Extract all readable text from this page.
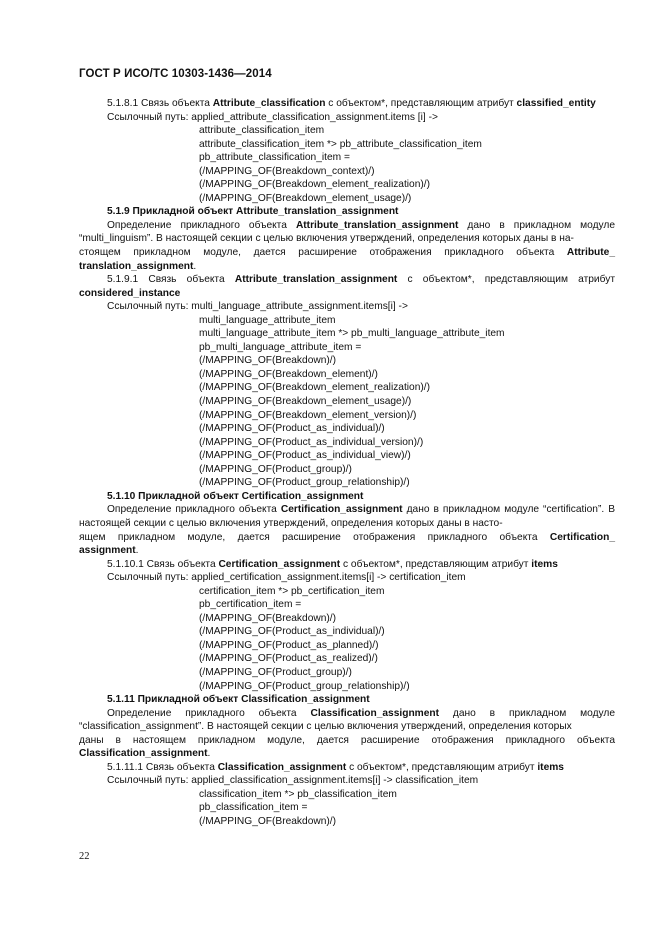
ГОСТ Р ИСО/ТС 10303-1436—2014
5.1.8.1 Связь объекта Attribute_classification с объектом*, представляющим атрибут classified_entity
Ссылочный путь: applied_attribute_classification_assignment.items [i] ->
attribute_classification_item
attribute_classification_item *> pb_attribute_classification_item
pb_attribute_classification_item =
(/MAPPING_OF(Breakdown_context)/)
(/MAPPING_OF(Breakdown_element_realization)/)
(/MAPPING_OF(Breakdown_element_usage)/)
5.1.9 Прикладной объект Attribute_translation_assignment
Определение прикладного объекта Attribute_translation_assignment дано в прикладном модуле “multi_linguism”. В настоящей секции с целью включения утверждений, определения которых даны в на-
стоящем прикладном модуле, дается расширение отображения прикладного объекта Attribute_
translation_assignment.
5.1.9.1 Связь объекта Attribute_translation_assignment с объектом*, представляющим атрибут considered_instance
Ссылочный путь: multi_language_attribute_assignment.items[i] ->
multi_language_attribute_item
multi_language_attribute_item *> pb_multi_language_attribute_item
pb_multi_language_attribute_item =
(/MAPPING_OF(Breakdown)/)
(/MAPPING_OF(Breakdown_element)/)
(/MAPPING_OF(Breakdown_element_realization)/)
(/MAPPING_OF(Breakdown_element_usage)/)
(/MAPPING_OF(Breakdown_element_version)/)
(/MAPPING_OF(Product_as_individual)/)
(/MAPPING_OF(Product_as_individual_version)/)
(/MAPPING_OF(Product_as_individual_view)/)
(/MAPPING_OF(Product_group)/)
(/MAPPING_OF(Product_group_relationship)/)
5.1.10 Прикладной объект Certification_assignment
Определение прикладного объекта Certification_assignment дано в прикладном модуле “certification”. В настоящей секции с целью включения утверждений, определения которых даны в насто-
ящем прикладном модуле, дается расширение отображения прикладного объекта Certification_
assignment.
5.1.10.1 Связь объекта Certification_assignment с объектом*, представляющим атрибут items
Ссылочный путь: applied_certification_assignment.items[i] -> certification_item
certification_item *> pb_certification_item
pb_certification_item =
(/MAPPING_OF(Breakdown)/)
(/MAPPING_OF(Product_as_individual)/)
(/MAPPING_OF(Product_as_planned)/)
(/MAPPING_OF(Product_as_realized)/)
(/MAPPING_OF(Product_group)/)
(/MAPPING_OF(Product_group_relationship)/)
5.1.11 Прикладной объект Classification_assignment
Определение прикладного объекта Classification_assignment дано в прикладном модуле “classification_assignment”. В настоящей секции с целью включения утверждений, определения которых
даны в настоящем прикладном модуле, дается расширение отображения прикладного объекта
Classification_assignment.
5.1.11.1 Связь объекта Classification_assignment с объектом*, представляющим атрибут items
Ссылочный путь: applied_classification_assignment.items[i] -> classification_item
classification_item *> pb_classification_item
pb_classification_item =
(/MAPPING_OF(Breakdown)/)
22
